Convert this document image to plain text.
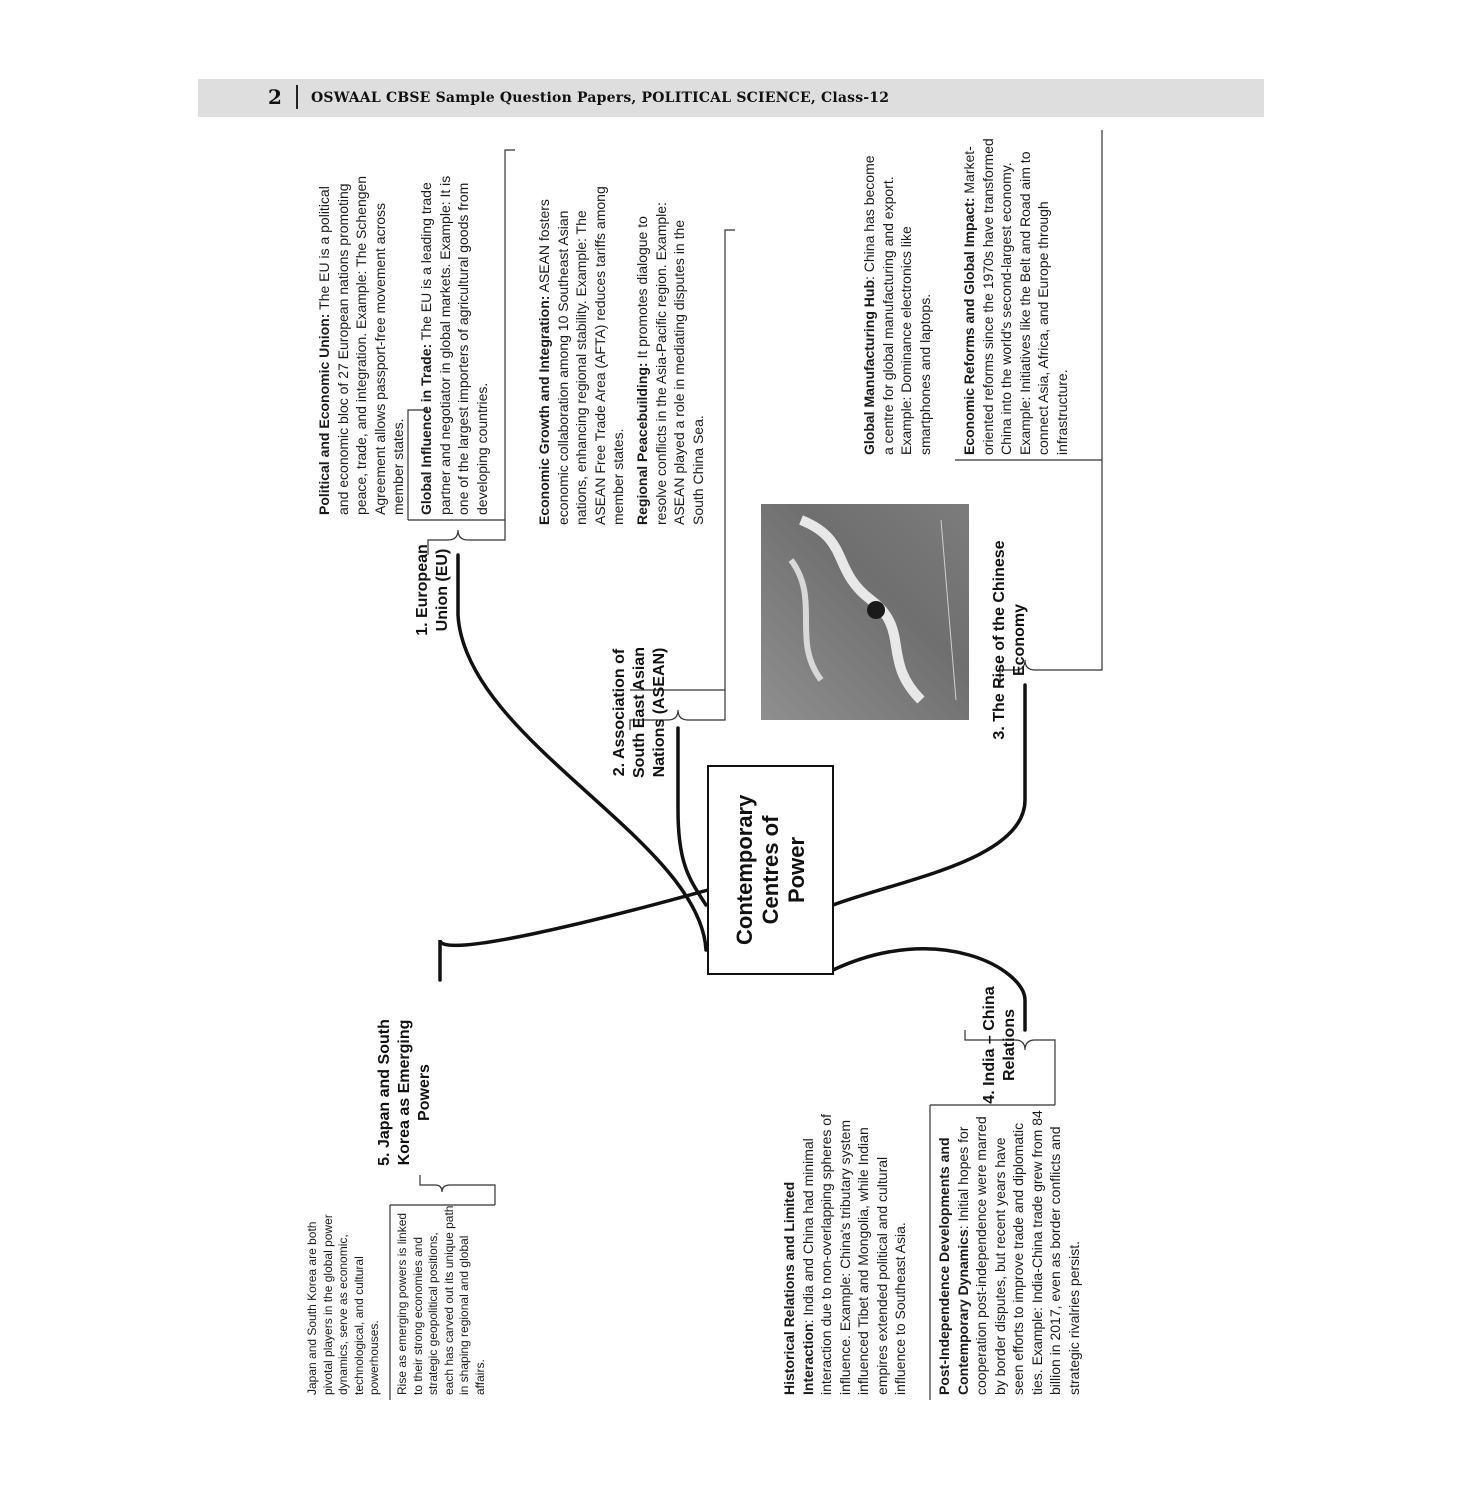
2 OSWAAL CBSE Sample Question Papers, POLITICAL SCIENCE, Class-12
Contemporary Centres of Power
1. European Union (EU)
Political and Economic Union: The EU is a political and economic bloc of 27 European nations promoting peace, trade, and integration. Example: The Schengen Agreement allows passport-free movement across member states. Global Influence in Trade: The EU is a leading trade partner and negotiator in global markets. Example: It is one of the largest importers of agricultural goods from developing countries.
2. Association of South East Asian Nations (ASEAN)
Economic Growth and Integration: ASEAN fosters economic collaboration among 10 Southeast Asian nations, enhancing regional stability. Example: The ASEAN Free Trade Area (AFTA) reduces tariffs among member states. Regional Peacebuilding: It promotes dialogue to resolve conflicts in the Asia-Pacific region. Example: ASEAN played a role in mediating disputes in the South China Sea.
3. The Rise of the Chinese Economy
Global Manufacturing Hub: China has become a centre for global manufacturing and export. Example: Dominance electronics like smartphones and laptops. Economic Reforms and Global Impact: Market-oriented reforms since the 1970s have transformed China into the world's second-largest economy. Example: Initiatives like the Belt and Road aim to connect Asia, Africa, and Europe through infrastructure.
4. India – China Relations
Historical Relations and Limited Interaction: India and China had minimal interaction due to non-overlapping spheres of influence. Example: China's tributary system influenced Tibet and Mongolia, while Indian empires extended political and cultural influence to Southeast Asia. Post-Independence Developments and Contemporary Dynamics: Initial hopes for cooperation post-independence were marred by border disputes, but recent years have seen efforts to improve trade and diplomatic ties. Example: India-China trade grew from 84 billion in 2017, even as border conflicts and strategic rivalries persist.
5. Japan and South Korea as Emerging Powers
Japan and South Korea are both pivotal players in the global power dynamics, serve as economic, technological, and cultural powerhouses. Rise as emerging powers is linked to their strong economies and strategic geopolitical positions, each has carved out its unique path in shaping regional and global affairs.
